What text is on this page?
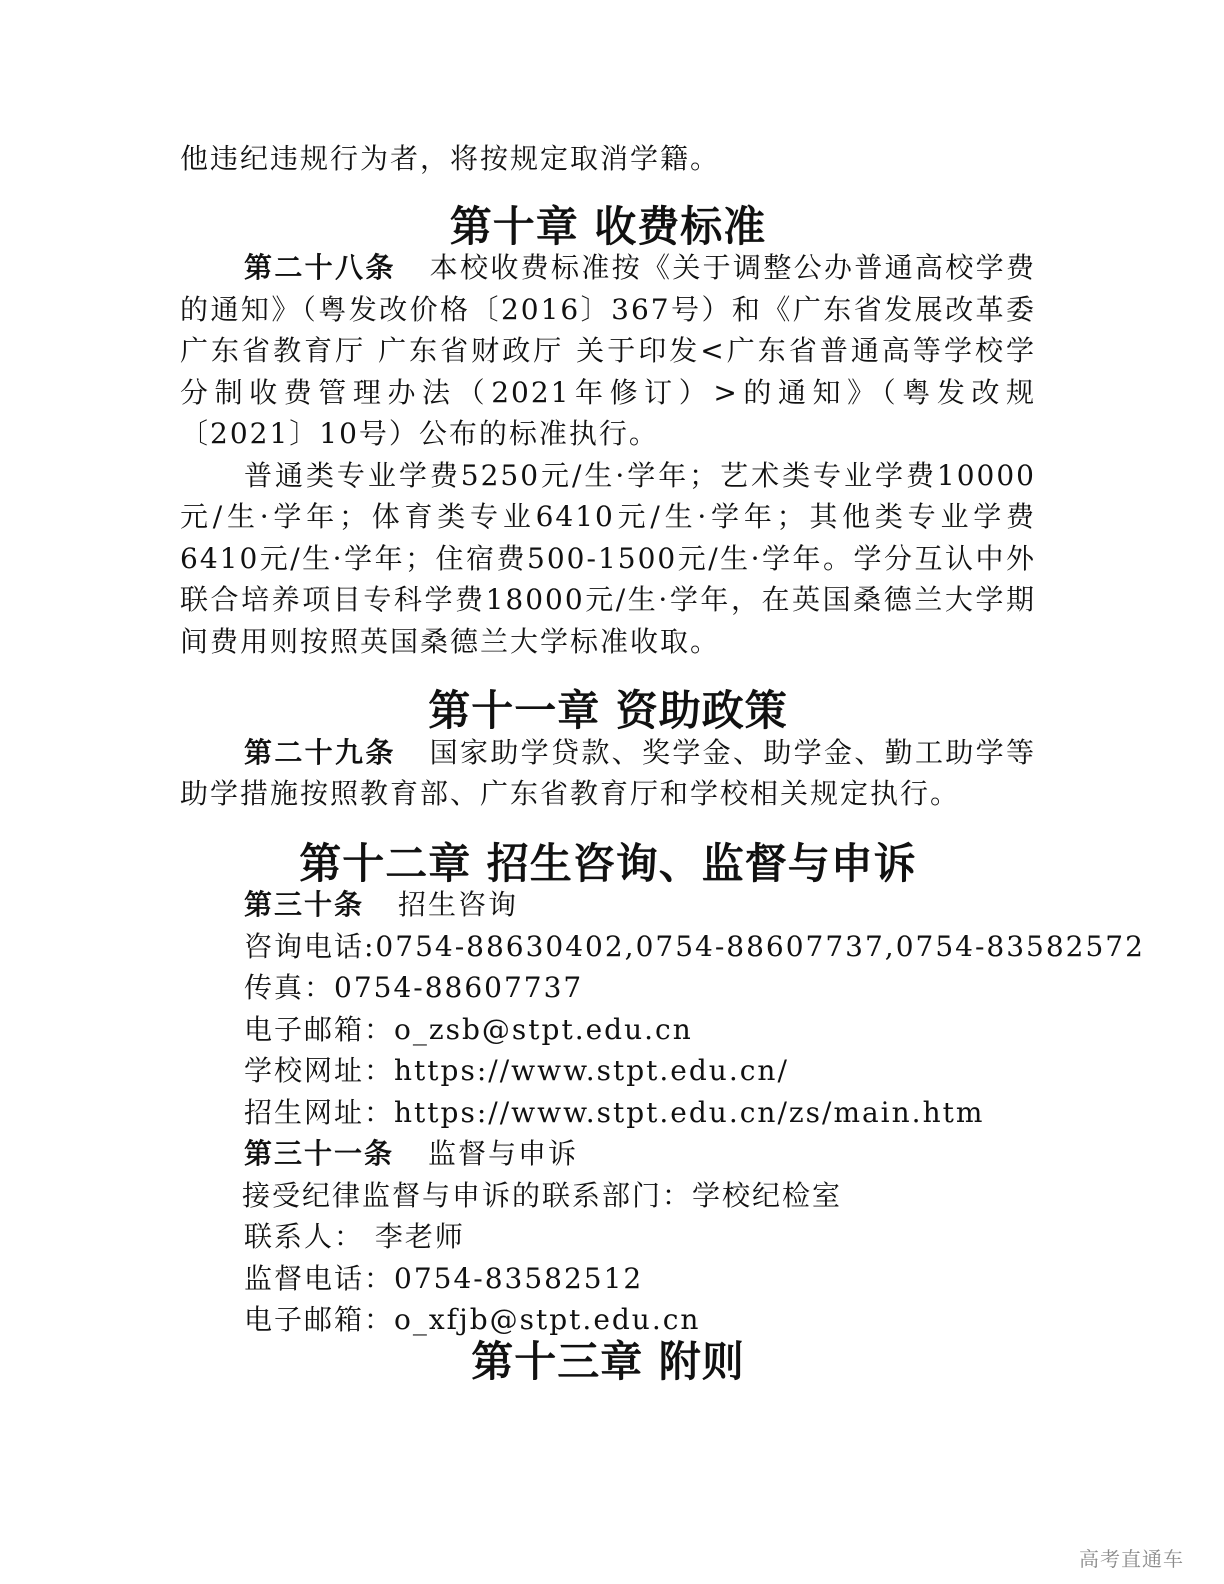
他违纪违规行为者，将按规定取消学籍。

第十章 收费标准

第二十八条 本校收费标准按《关于调整公办普通高校学费的通知》（粤发改价格〔2016〕367号）和《广东省发展改革委 广东省教育厅 广东省财政厅 关于印发<广东省普通高等学校学分制收费管理办法（2021年修订）>的通知》（粤发改规〔2021〕10号）公布的标准执行。

普通类专业学费5250元/生·学年；艺术类专业学费10000元/生·学年；体育类专业6410元/生·学年；其他类专业学费6410元/生·学年；住宿费500-1500元/生·学年。学分互认中外联合培养项目专科学费18000元/生·学年，在英国桑德兰大学期间费用则按照英国桑德兰大学标准收取。

第十一章 资助政策

第二十九条 国家助学贷款、奖学金、助学金、勤工助学等助学措施按照教育部、广东省教育厅和学校相关规定执行。

第十二章 招生咨询、监督与申诉

第三十条 招生咨询

咨询电话:0754-88630402,0754-88607737,0754-83582572

传真：0754-88607737

电子邮箱：o_zsb@stpt.edu.cn

学校网址：https://www.stpt.edu.cn/

招生网址：https://www.stpt.edu.cn/zs/main.htm

第三十一条 监督与申诉

接受纪律监督与申诉的联系部门：学校纪检室

联系人： 李老师

监督电话：0754-83582512

电子邮箱：o_xfjb@stpt.edu.cn

第十三章 附则
高考直通车
